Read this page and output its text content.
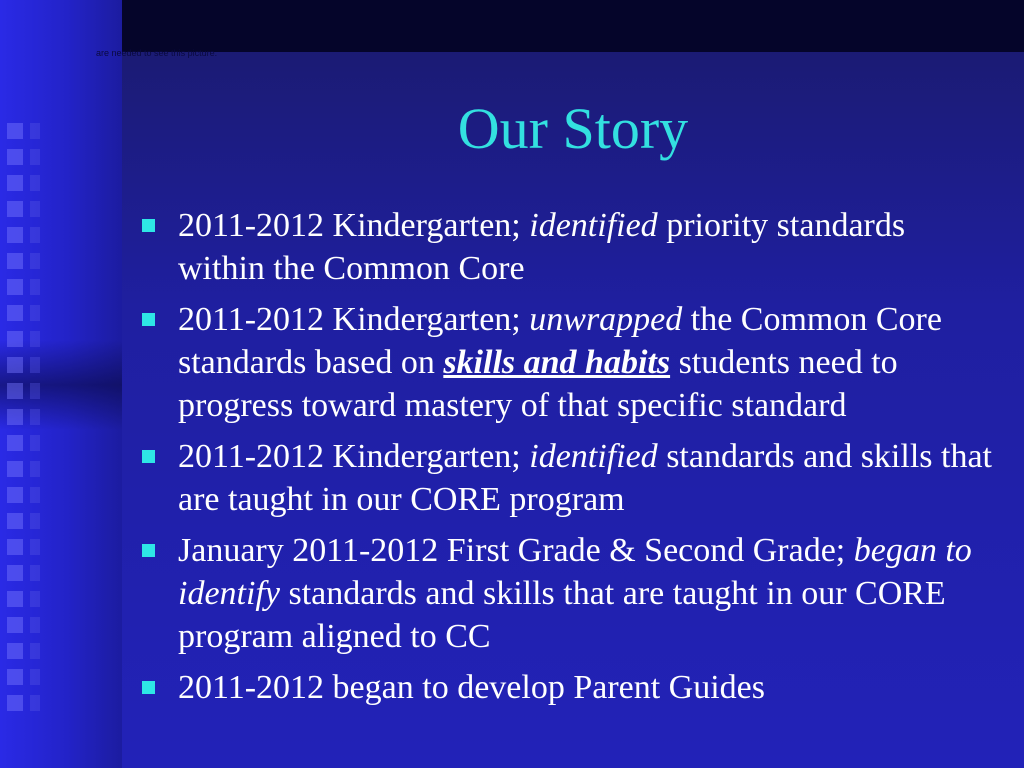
are needed to see this picture.
Our Story
2011-2012 Kindergarten; identified priority standards within the Common Core
2011-2012 Kindergarten; unwrapped the Common Core standards based on skills and habits students need to progress toward mastery of that specific standard
2011-2012 Kindergarten; identified standards and skills that are taught in our CORE program
January 2011-2012 First Grade & Second Grade; began to identify standards and skills that are taught in our CORE program aligned to CC
2011-2012 began to develop Parent Guides
